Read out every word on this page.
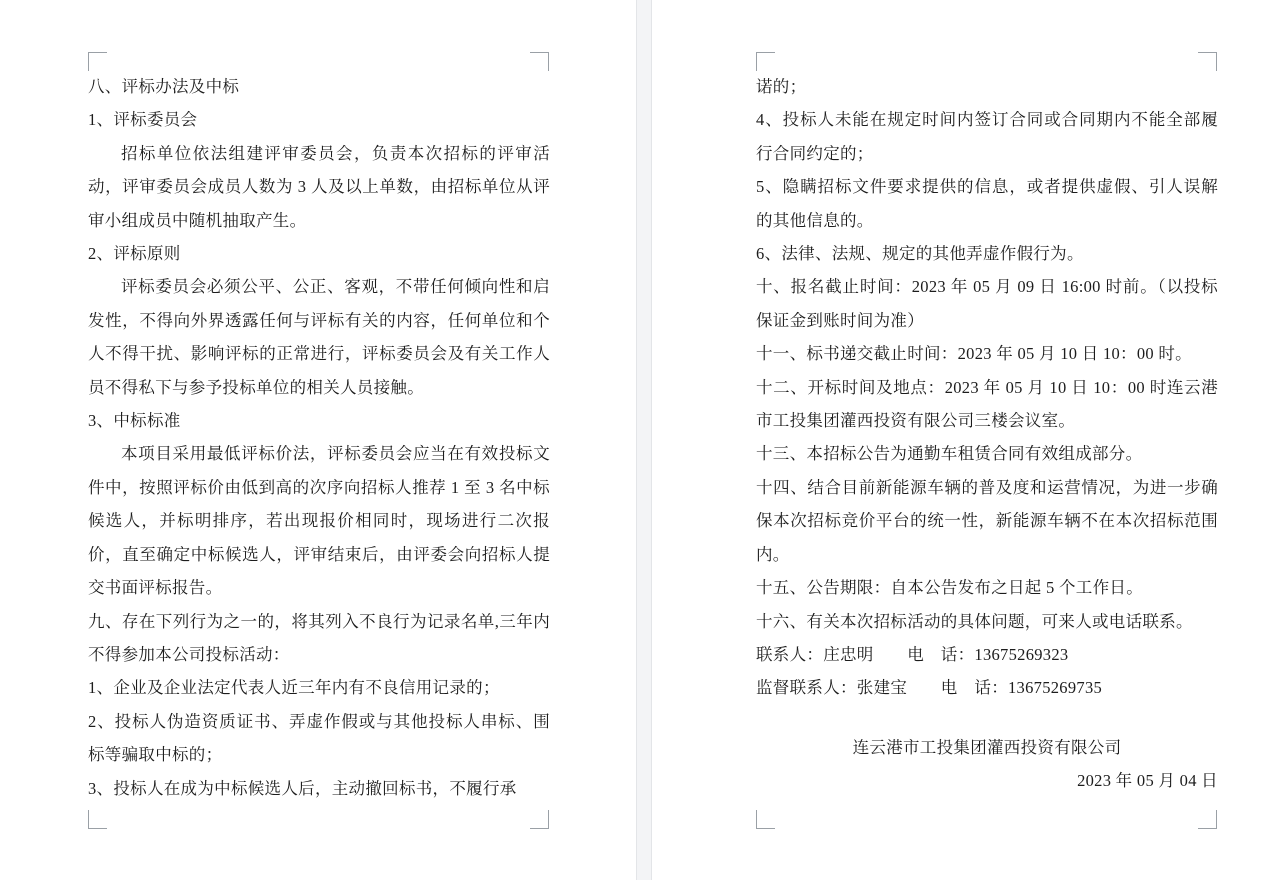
八、评标办法及中标

1、评标委员会

招标单位依法组建评审委员会，负责本次招标的评审活动，评审委员会成员人数为 3 人及以上单数，由招标单位从评审小组成员中随机抽取产生。

2、评标原则

评标委员会必须公平、公正、客观，不带任何倾向性和启发性，不得向外界透露任何与评标有关的内容，任何单位和个人不得干扰、影响评标的正常进行，评标委员会及有关工作人员不得私下与参予投标单位的相关人员接触。

3、中标标准

本项目采用最低评标价法，评标委员会应当在有效投标文件中，按照评标价由低到高的次序向招标人推荐 1 至 3 名中标候选人，并标明排序，若出现报价相同时，现场进行二次报价，直至确定中标候选人，评审结束后，由评委会向招标人提交书面评标报告。

九、存在下列行为之一的，将其列入不良行为记录名单,三年内不得参加本公司投标活动：

1、企业及企业法定代表人近三年内有不良信用记录的；

2、投标人伪造资质证书、弄虚作假或与其他投标人串标、围标等骗取中标的；

3、投标人在成为中标候选人后，主动撤回标书，不履行承

诺的；

4、投标人未能在规定时间内签订合同或合同期内不能全部履行合同约定的；

5、隐瞒招标文件要求提供的信息，或者提供虚假、引人误解的其他信息的。

6、法律、法规、规定的其他弄虚作假行为。

十、报名截止时间：2023 年 05 月 09 日 16:00 时前。（以投标保证金到账时间为准）

十一、标书递交截止时间：2023 年 05 月 10 日 10：00 时。

十二、开标时间及地点：2023 年 05 月 10 日 10：00 时连云港市工投集团灌西投资有限公司三楼会议室。

十三、本招标公告为通勤车租赁合同有效组成部分。

十四、结合目前新能源车辆的普及度和运营情况，为进一步确保本次招标竞价平台的统一性，新能源车辆不在本次招标范围内。

十五、公告期限：自本公告发布之日起 5 个工作日。

十六、有关本次招标活动的具体问题，可来人或电话联系。

联系人：庄忠明　　电　话：13675269323

监督联系人：张建宝　　电　话：13675269735

连云港市工投集团灌西投资有限公司

2023 年 05 月 04 日
